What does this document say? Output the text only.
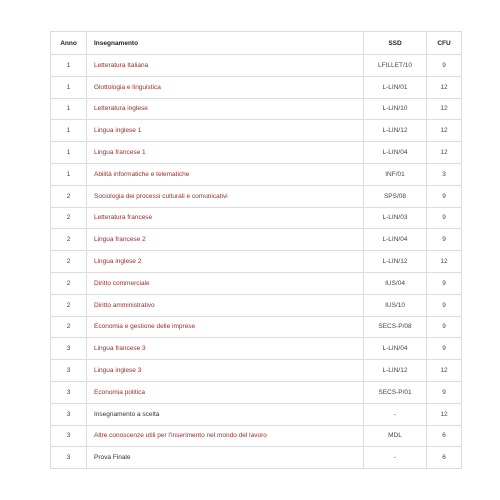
Anno	Insegnamento	SSD	CFU
1	Letteratura Italiana	LFILLET/10	9
1	Glottologia e linguistica	L-LIN/01	12
1	Letteratura inglese	L-LIN/10	12
1	Lingua inglese 1	L-LIN/12	12
1	Lingua francese 1	L-LIN/04	12
1	Abilità informatiche e telematiche	INF/01	3
2	Sociologia dei processi culturali e comunicativi	SPS/08	9
2	Letteratura francese	L-LIN/03	9
2	Lingua francese 2	L-LIN/04	9
2	Lingua inglese 2	L-LIN/12	12
2	Diritto commerciale	IUS/04	9
2	Diritto amministrativo	IUS/10	9
2	Economia e gestione delle imprese	SECS-P/08	9
3	Lingua francese 3	L-LIN/04	9
3	Lingua inglese 3	L-LIN/12	12
3	Economia politica	SECS-P/01	9
3	Insegnamento a scelta	-	12
3	Altre conoscenze utili per l'inserimento nel mondo del lavoro	MDL	6
3	Prova Finale	-	6
